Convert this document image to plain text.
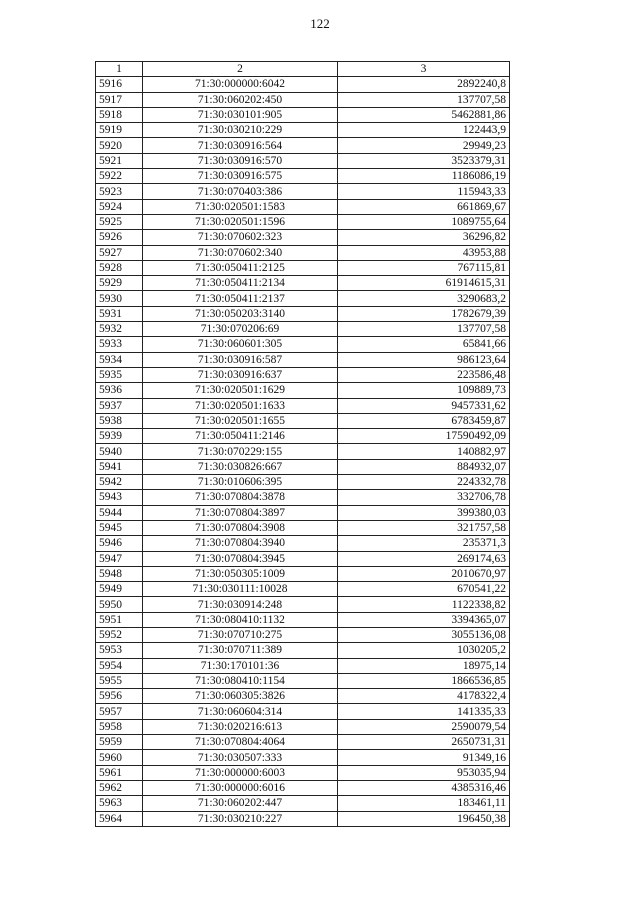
122
1	2	3
5916	71:30:000000:6042	2892240,8
5917	71:30:060202:450	137707,58
5918	71:30:030101:905	5462881,86
5919	71:30:030210:229	122443,9
5920	71:30:030916:564	29949,23
5921	71:30:030916:570	3523379,31
5922	71:30:030916:575	1186086,19
5923	71:30:070403:386	115943,33
5924	71:30:020501:1583	661869,67
5925	71:30:020501:1596	1089755,64
5926	71:30:070602:323	36296,82
5927	71:30:070602:340	43953,88
5928	71:30:050411:2125	767115,81
5929	71:30:050411:2134	61914615,31
5930	71:30:050411:2137	3290683,2
5931	71:30:050203:3140	1782679,39
5932	71:30:070206:69	137707,58
5933	71:30:060601:305	65841,66
5934	71:30:030916:587	986123,64
5935	71:30:030916:637	223586,48
5936	71:30:020501:1629	109889,73
5937	71:30:020501:1633	9457331,62
5938	71:30:020501:1655	6783459,87
5939	71:30:050411:2146	17590492,09
5940	71:30:070229:155	140882,97
5941	71:30:030826:667	884932,07
5942	71:30:010606:395	224332,78
5943	71:30:070804:3878	332706,78
5944	71:30:070804:3897	399380,03
5945	71:30:070804:3908	321757,58
5946	71:30:070804:3940	235371,3
5947	71:30:070804:3945	269174,63
5948	71:30:050305:1009	2010670,97
5949	71:30:030111:10028	670541,22
5950	71:30:030914:248	1122338,82
5951	71:30:080410:1132	3394365,07
5952	71:30:070710:275	3055136,08
5953	71:30:070711:389	1030205,2
5954	71:30:170101:36	18975,14
5955	71:30:080410:1154	1866536,85
5956	71:30:060305:3826	4178322,4
5957	71:30:060604:314	141335,33
5958	71:30:020216:613	2590079,54
5959	71:30:070804:4064	2650731,31
5960	71:30:030507:333	91349,16
5961	71:30:000000:6003	953035,94
5962	71:30:000000:6016	4385316,46
5963	71:30:060202:447	183461,11
5964	71:30:030210:227	196450,38
